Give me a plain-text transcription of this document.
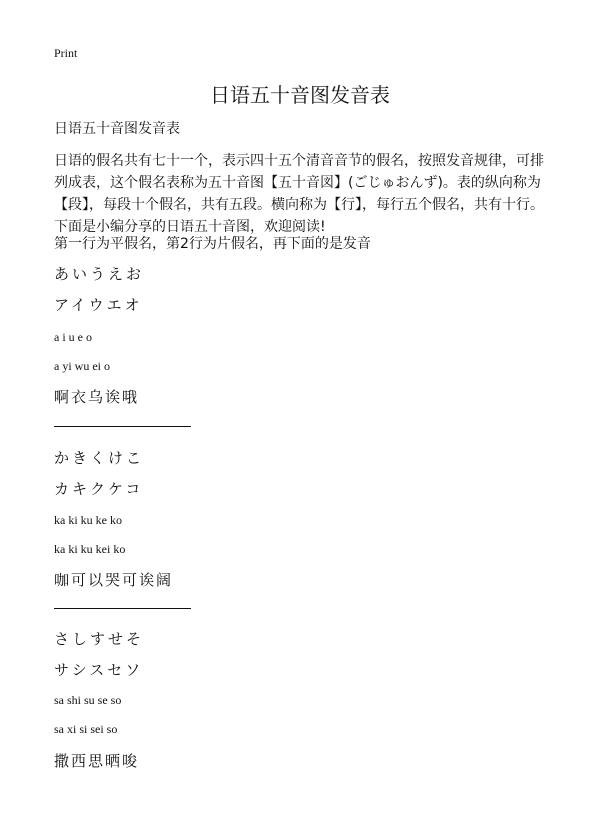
Print
日语五十音图发音表
日语五十音图发音表

日语的假名共有七十一个，表示四十五个清音音节的假名，按照发音规律，可排列成表，这个假名表称为五十音图【五十音図】(ごじゅおんず)。表的纵向称为【段】，每段十个假名，共有五段。横向称为【行】，每行五个假名，共有十行。下面是小编分享的日语五十音图，欢迎阅读!

第一行为平假名，第2行为片假名，再下面的是发音
あいうえお
アイウエオ
a i u e o
a yi wu ei o
啊衣乌诶哦
かきくけこ
カキクケコ
ka ki ku ke ko
ka ki ku kei ko
咖可以哭可诶阔
さしすせそ
サシスセソ
sa shi su se so
sa xi si sei so
撒西思晒唆
